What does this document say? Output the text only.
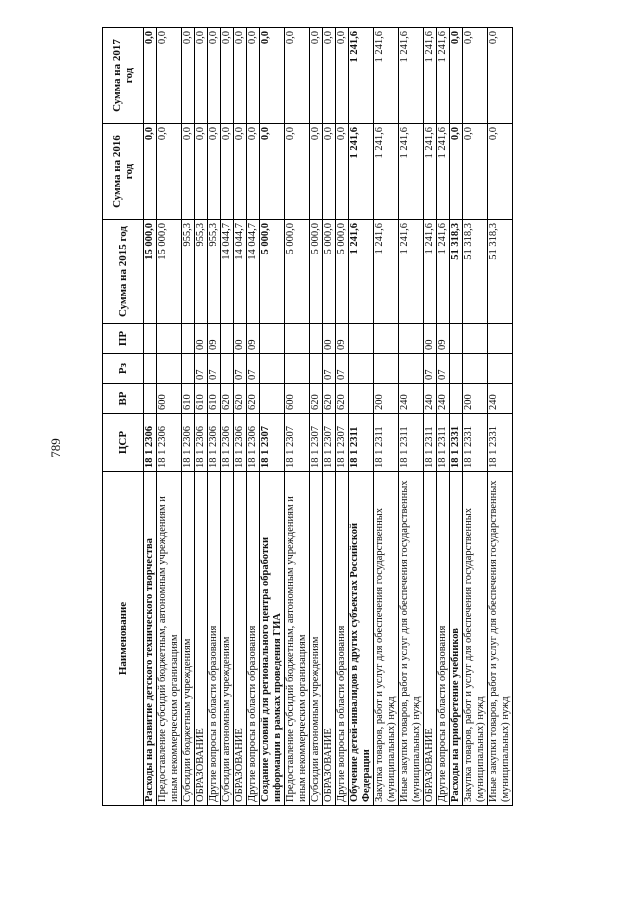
789
Наименование	ЦСР	ВР	Рз	ПР	Сумма на 2015 год	Сумма на 2016 год	Сумма на 2017 год
Расходы на развитие детского технического творчества	18 1 2306				15 000,0	0,0	0,0
Предоставление субсидий бюджетным, автономным учреждениям и иным некоммерческим организациям	18 1 2306	600			15 000,0	0,0	0,0
Субсидии бюджетным учреждениям	18 1 2306	610			955,3	0,0	0,0
ОБРАЗОВАНИЕ	18 1 2306	610	07	00	955,3	0,0	0,0
Другие вопросы в области образования	18 1 2306	610	07	09	955,3	0,0	0,0
Субсидии автономным учреждениям	18 1 2306	620			14 044,7	0,0	0,0
ОБРАЗОВАНИЕ	18 1 2306	620	07	00	14 044,7	0,0	0,0
Другие вопросы в области образования	18 1 2306	620	07	09	14 044,7	0,0	0,0
Создание условий для регионального центра обработки информации в рамках проведения ГИА	18 1 2307				5 000,0	0,0	0,0
Предоставление субсидий бюджетным, автономным учреждениям и иным некоммерческим организациям	18 1 2307	600			5 000,0	0,0	0,0
Субсидии автономным учреждениям	18 1 2307	620			5 000,0	0,0	0,0
ОБРАЗОВАНИЕ	18 1 2307	620	07	00	5 000,0	0,0	0,0
Другие вопросы в области образования	18 1 2307	620	07	09	5 000,0	0,0	0,0
Обучение детей-инвалидов в других субъектах Российской Федерации	18 1 2311				1 241,6	1 241,6	1 241,6
Закупка товаров, работ и услуг для обеспечения государственных (муниципальных) нужд	18 1 2311	200			1 241,6	1 241,6	1 241,6
Иные закупки товаров, работ и услуг для обеспечения государственных (муниципальных) нужд	18 1 2311	240			1 241,6	1 241,6	1 241,6
ОБРАЗОВАНИЕ	18 1 2311	240	07	00	1 241,6	1 241,6	1 241,6
Другие вопросы в области образования	18 1 2311	240	07	09	1 241,6	1 241,6	1 241,6
Расходы на приобретение учебников	18 1 2331				51 318,3	0,0	0,0
Закупка товаров, работ и услуг для обеспечения государственных (муниципальных) нужд	18 1 2331	200			51 318,3	0,0	0,0
Иные закупки товаров, работ и услуг для обеспечения государственных (муниципальных) нужд	18 1 2331	240			51 318,3	0,0	0,0
